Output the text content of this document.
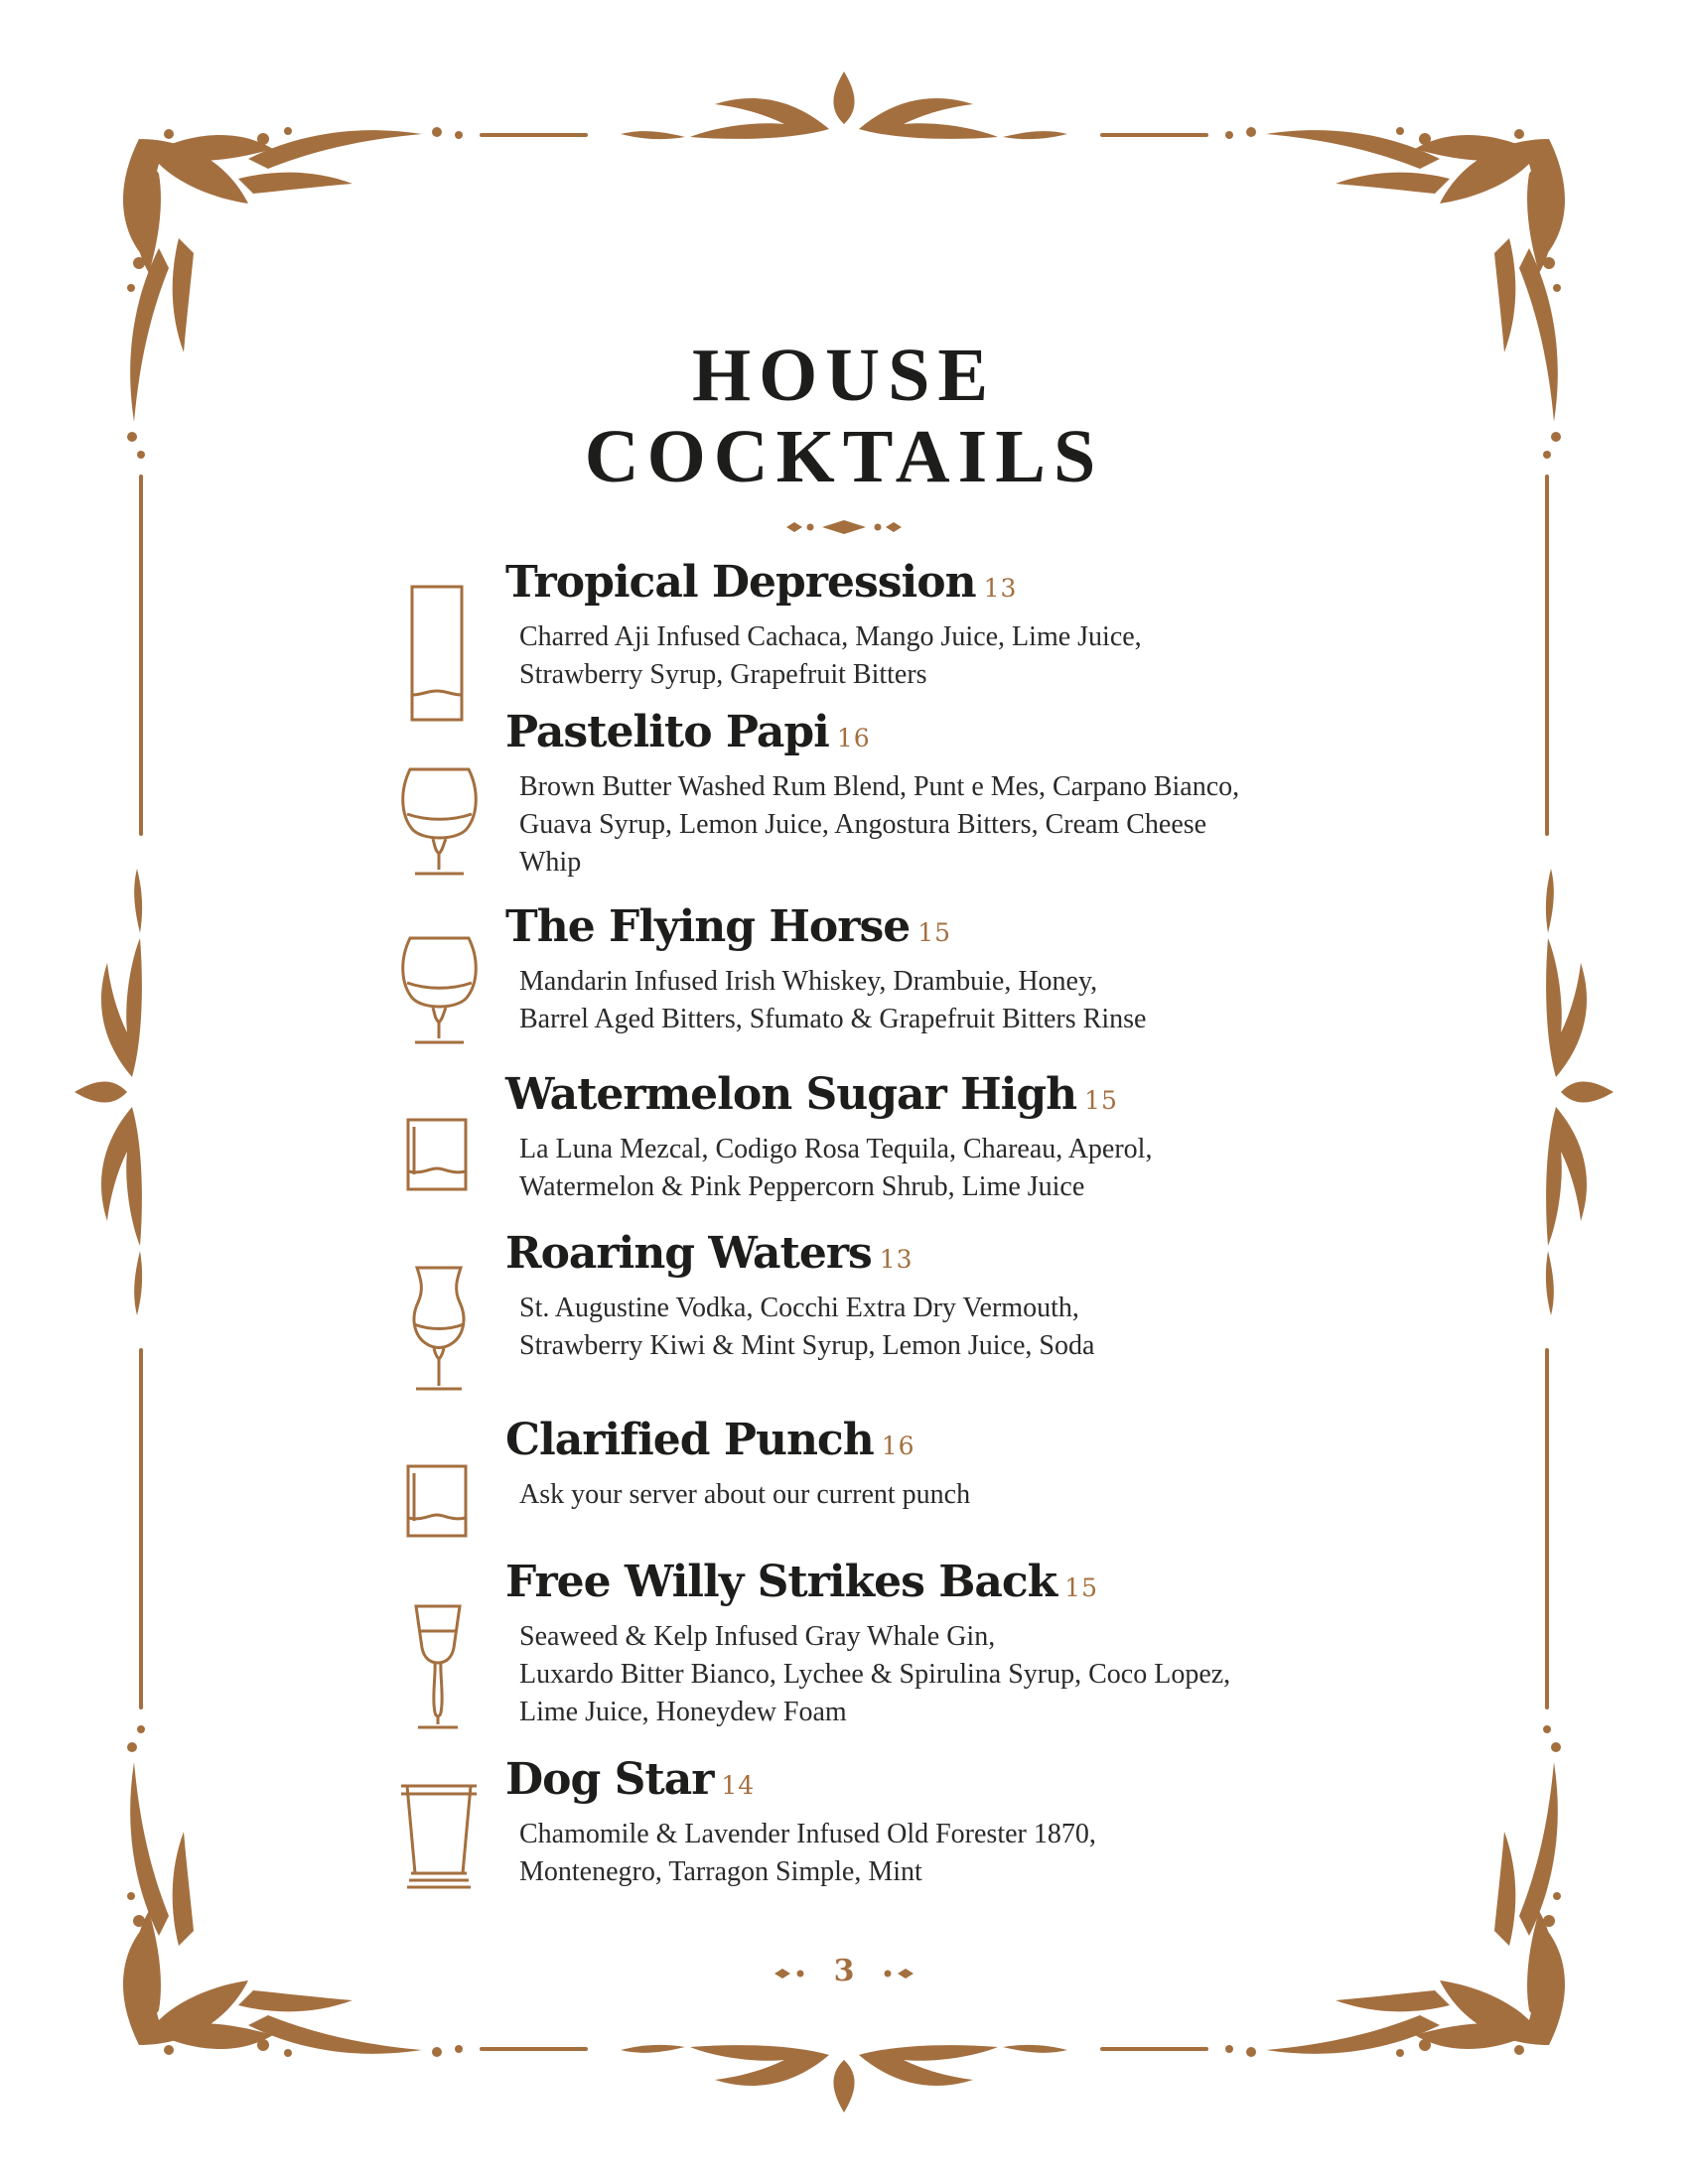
HOUSE
COCKTAILS
Tropical Depression 13
Charred Aji Infused Cachaca, Mango Juice, Lime Juice,
Strawberry Syrup, Grapefruit Bitters
Pastelito Papi 16
Brown Butter Washed Rum Blend, Punt e Mes, Carpano Bianco,
Guava Syrup, Lemon Juice, Angostura Bitters, Cream Cheese
Whip
The Flying Horse 15
Mandarin Infused Irish Whiskey, Drambuie, Honey,
Barrel Aged Bitters, Sfumato & Grapefruit Bitters Rinse
Watermelon Sugar High 15
La Luna Mezcal, Codigo Rosa Tequila, Chareau, Aperol,
Watermelon & Pink Peppercorn Shrub, Lime Juice
Roaring Waters 13
St. Augustine Vodka, Cocchi Extra Dry Vermouth,
Strawberry Kiwi & Mint Syrup, Lemon Juice, Soda
Clarified Punch 16
Ask your server about our current punch
Free Willy Strikes Back 15
Seaweed & Kelp Infused Gray Whale Gin,
Luxardo Bitter Bianco, Lychee & Spirulina Syrup, Coco Lopez,
Lime Juice, Honeydew Foam
Dog Star 14
Chamomile & Lavender Infused Old Forester 1870,
Montenegro, Tarragon Simple, Mint
3
